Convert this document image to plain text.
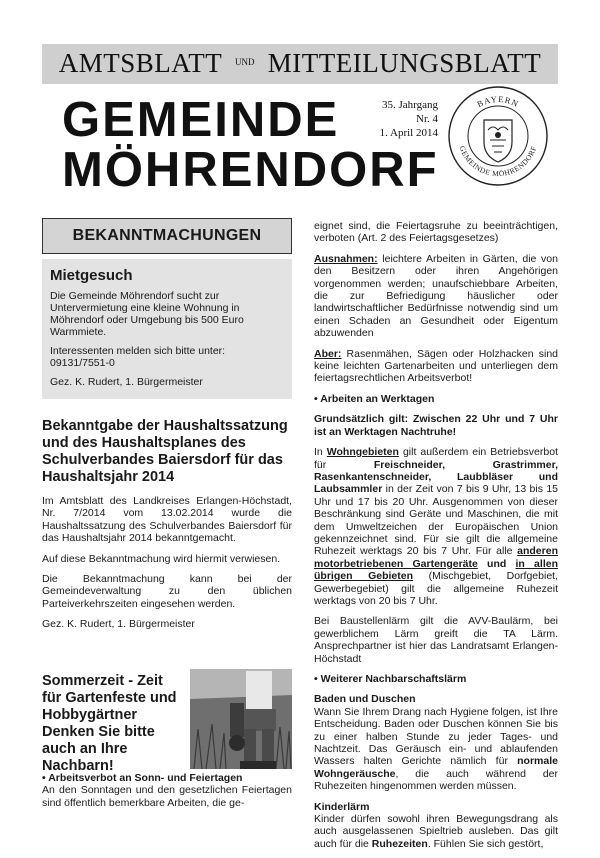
AMTSBLATT UND MITTEILUNGSBLATT
GEMEINDE
MÖHRENDORF
35. Jahrgang
Nr. 4
1. April 2014
BAYERN
GEMEINDE MÖHRENDORF
BEKANNTMACHUNGEN
Mietgesuch

Die Gemeinde Möhrendorf sucht zur Untervermietung eine kleine Wohnung in Möhrendorf oder Umgebung bis 500 Euro Warmmiete.

Interessenten melden sich bitte unter: 09131/7551-0

Gez. K. Rudert, 1. Bürgermeister

Bekanntgabe der Haushaltssatzung und des Haushaltsplanes des Schulverbandes Baiersdorf für das Haushaltsjahr 2014

Im Amtsblatt des Landkreises Erlangen-Höchstadt, Nr. 7/2014 vom 13.02.2014 wurde die Haushaltssatzung des Schulverbandes Baiersdorf für das Haushaltsjahr 2014 bekanntgemacht.

Auf diese Bekanntmachung wird hiermit verwiesen.

Die Bekanntmachung kann bei der Gemeindeverwaltung zu den üblichen Parteiverkehrszeiten eingesehen werden.

Gez. K. Rudert, 1. Bürgermeister

Sommerzeit - Zeit für Gartenfeste und Hobbygärtner Denken Sie bitte auch an Ihre Nachbarn!

• Arbeitsverbot an Sonn- und Feiertagen

An den Sonntagen und den gesetzlichen Feiertagen sind öffentlich bemerkbare Arbeiten, die ge-

eignet sind, die Feiertagsruhe zu beeinträchtigen, verboten (Art. 2 des Feiertagsgesetzes)

Ausnahmen: leichtere Arbeiten in Gärten, die von den Besitzern oder ihren Angehörigen vorgenommen werden; unaufschiebbare Arbeiten, die zur Befriedigung häuslicher oder landwirtschaftlicher Bedürfnisse notwendig sind um einen Schaden an Gesundheit oder Eigentum abzuwenden

Aber: Rasenmähen, Sägen oder Holzhacken sind keine leichten Gartenarbeiten und unterliegen dem feiertagsrechtlichen Arbeitsverbot!

• Arbeiten an Werktagen

Grundsätzlich gilt: Zwischen 22 Uhr und 7 Uhr ist an Werktagen Nachtruhe!

In Wohngebieten gilt außerdem ein Betriebsverbot für Freischneider, Grastrimmer, Rasenkantenschneider, Laubbläser und Laubsammler in der Zeit von 7 bis 9 Uhr, 13 bis 15 Uhr und 17 bis 20 Uhr. Ausgenommen von dieser Beschränkung sind Geräte und Maschinen, die mit dem Umweltzeichen der Europäischen Union gekennzeichnet sind. Für sie gilt die allgemeine Ruhezeit werktags 20 bis 7 Uhr. Für alle anderen motorbetriebenen Gartengeräte und in allen übrigen Gebieten (Mischgebiet, Dorfgebiet, Gewerbegebiet) gilt die allgemeine Ruhezeit werktags von 20 bis 7 Uhr.

Bei Baustellenlärm gilt die AVV-Baulärm, bei gewerblichem Lärm greift die TA Lärm. Ansprechpartner ist hier das Landratsamt Erlangen-Höchstadt

• Weiterer Nachbarschaftslärm

Baden und Duschen

Wann Sie Ihrem Drang nach Hygiene folgen, ist Ihre Entscheidung. Baden oder Duschen können Sie bis zu einer halben Stunde zu jeder Tages- und Nachtzeit. Das Geräusch ein- und ablaufenden Wassers halten Gerichte nämlich für normale Wohngeräusche, die auch während der Ruhezeiten hingenommen werden müssen.

Kinderlärm

Kinder dürfen sowohl ihren Bewegungsdrang als auch ausgelassenen Spieltrieb ausleben. Das gilt auch für die Ruhezeiten. Fühlen Sie sich gestört,
